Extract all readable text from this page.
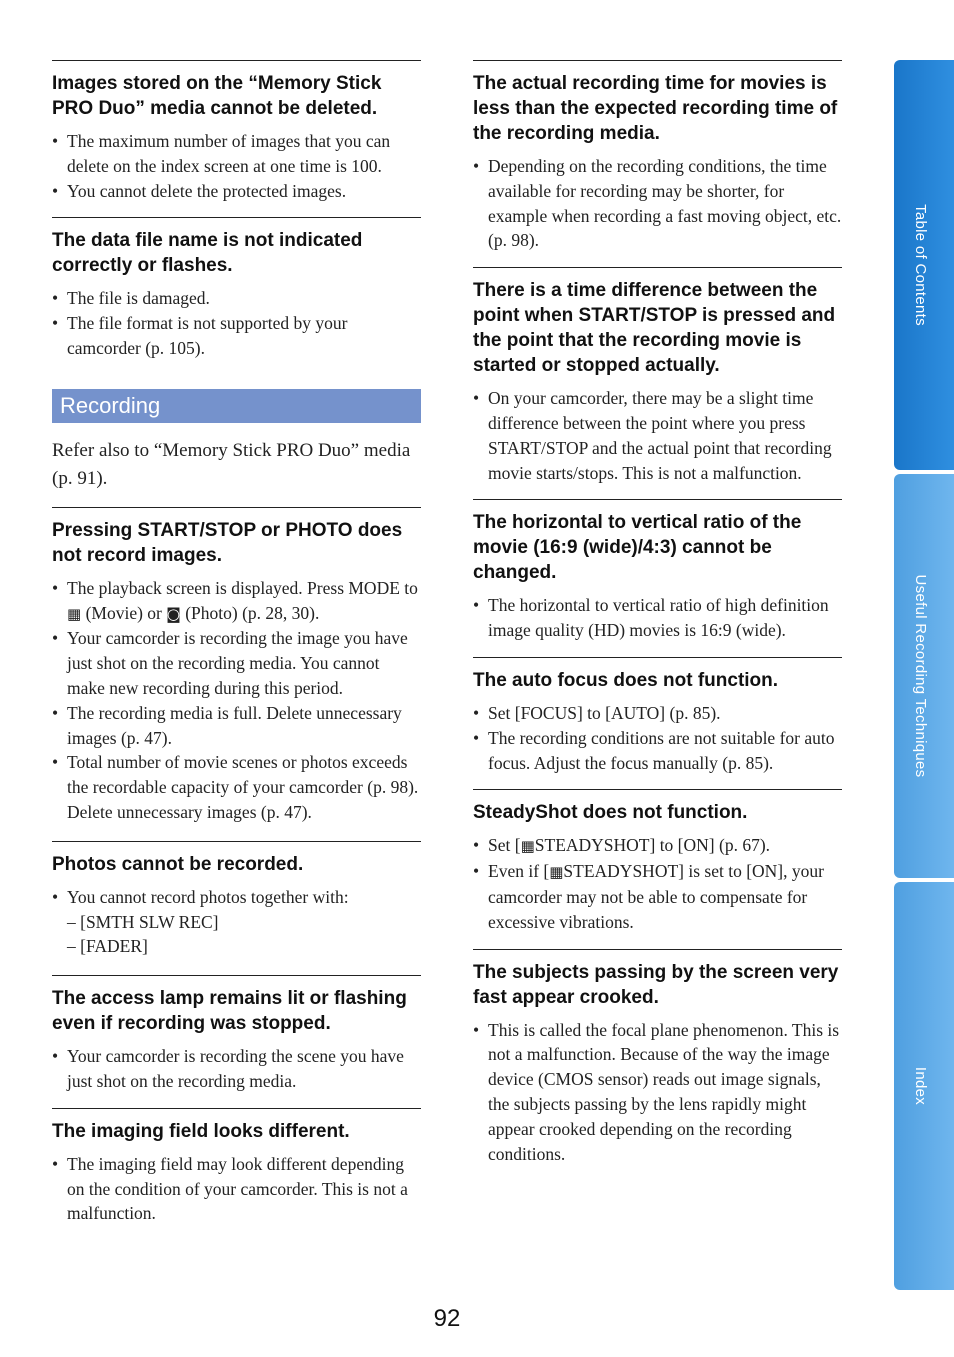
Images stored on the “Memory Stick PRO Duo” media cannot be deleted.
• The maximum number of images that you can delete on the index screen at one time is 100.
• You cannot delete the protected images.
The data file name is not indicated correctly or flashes.
• The file is damaged.
• The file format is not supported by your camcorder (p. 105).
Recording
Refer also to “Memory Stick PRO Duo” media (p. 91).
Pressing START/STOP or PHOTO does not record images.
• The playback screen is displayed. Press MODE to ▦ (Movie) or ◙ (Photo) (p. 28, 30).
• Your camcorder is recording the image you have just shot on the recording media. You cannot make new recording during this period.
• The recording media is full. Delete unnecessary images (p. 47).
• Total number of movie scenes or photos exceeds the recordable capacity of your camcorder (p. 98). Delete unnecessary images (p. 47).
Photos cannot be recorded.
• You cannot record photos together with:
– [SMTH SLW REC]
– [FADER]
The access lamp remains lit or flashing even if recording was stopped.
• Your camcorder is recording the scene you have just shot on the recording media.
The imaging field looks different.
• The imaging field may look different depending on the condition of your camcorder. This is not a malfunction.
The actual recording time for movies is less than the expected recording time of the recording media.
• Depending on the recording conditions, the time available for recording may be shorter, for example when recording a fast moving object, etc. (p. 98).
There is a time difference between the point when START/STOP is pressed and the point that the recording movie is started or stopped actually.
• On your camcorder, there may be a slight time difference between the point where you press START/STOP and the actual point that recording movie starts/stops. This is not a malfunction.
The horizontal to vertical ratio of the movie (16:9 (wide)/4:3) cannot be changed.
• The horizontal to vertical ratio of high definition image quality (HD) movies is 16:9 (wide).
The auto focus does not function.
• Set [FOCUS] to [AUTO] (p. 85).
• The recording conditions are not suitable for auto focus. Adjust the focus manually (p. 85).
SteadyShot does not function.
• Set [▦STEADYSHOT] to [ON] (p. 67).
• Even if [▦STEADYSHOT] is set to [ON], your camcorder may not be able to compensate for excessive vibrations.
The subjects passing by the screen very fast appear crooked.
• This is called the focal plane phenomenon. This is not a malfunction. Because of the way the image device (CMOS sensor) reads out image signals, the subjects passing by the lens rapidly might appear crooked depending on the recording conditions.
Table of Contents
Useful Recording Techniques
Index
92
